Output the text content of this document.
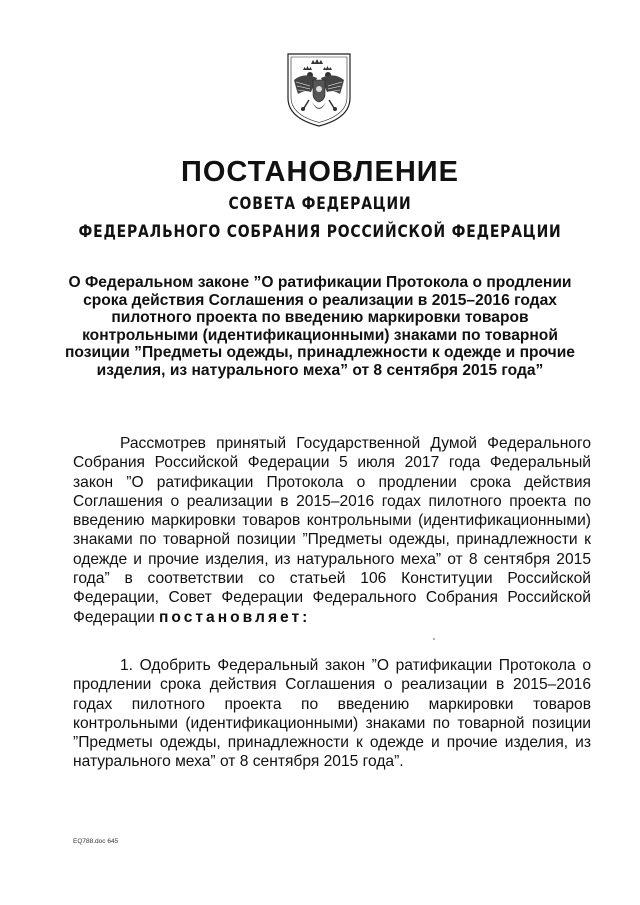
ПОСТАНОВЛЕНИЕ
СОВЕТА ФЕДЕРАЦИИ
ФЕДЕРАЛЬНОГО СОБРАНИЯ РОССИЙСКОЙ ФЕДЕРАЦИИ
О Федеральном законе ”О ратификации Протокола о продлении срока действия Соглашения о реализации в 2015–2016 годах пилотного проекта по введению маркировки товаров контрольными (идентификационными) знаками по товарной позиции ”Предметы одежды, принадлежности к одежде и прочие изделия, из натурального меха” от 8 сентября 2015 года”
Рассмотрев принятый Государственной Думой Федерального Собрания Российской Федерации 5 июля 2017 года Федеральный закон ”О ратификации Протокола о продлении срока действия Соглашения о реализации в 2015–2016 годах пилотного проекта по введению маркировки товаров контрольными (идентификационными) знаками по товарной позиции ”Предметы одежды, принадлежности к одежде и прочие изделия, из натурального меха” от 8 сентября 2015 года” в соответствии со статьей 106 Конституции Российской Федерации, Совет Федерации Федерального Собрания Российской Федерации постановляет:
1. Одобрить Федеральный закон ”О ратификации Протокола о продлении срока действия Соглашения о реализации в 2015–2016 годах пилотного проекта по введению маркировки товаров контрольными (идентификационными) знаками по товарной позиции ”Предметы одежды, принадлежности к одежде и прочие изделия, из натурального меха” от 8 сентября 2015 года”.
EQ788.doc 645
